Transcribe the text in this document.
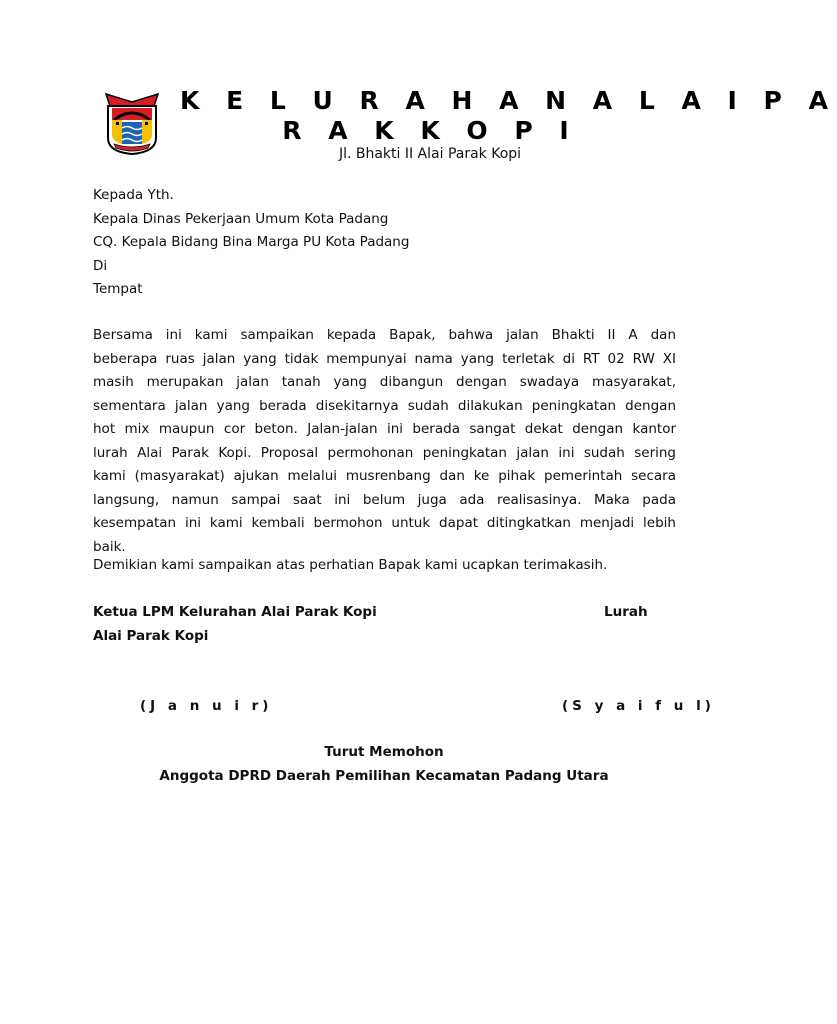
K E L U R A H A N A L A I P A
R A K K O P I
Jl. Bhakti II Alai Parak Kopi
Kepada Yth.
Kepala Dinas Pekerjaan Umum Kota Padang
CQ. Kepala Bidang Bina Marga PU Kota Padang
Di
Tempat
Bersama ini kami sampaikan kepada Bapak, bahwa jalan Bhakti II A dan
beberapa ruas jalan yang tidak mempunyai nama yang terletak di RT 02 RW XI
masih merupakan jalan tanah yang dibangun dengan swadaya masyarakat,
sementara jalan yang berada disekitarnya sudah dilakukan peningkatan dengan
hot mix maupun cor beton. Jalan-jalan ini berada sangat dekat dengan kantor
lurah Alai Parak Kopi. Proposal permohonan peningkatan jalan ini sudah sering
kami (masyarakat) ajukan melalui musrenbang dan ke pihak pemerintah secara
langsung, namun sampai saat ini belum juga ada realisasinya. Maka pada
kesempatan ini kami kembali bermohon untuk dapat ditingkatkan menjadi lebih
baik.
Demikian kami sampaikan atas perhatian Bapak kami ucapkan terimakasih.
Ketua LPM Kelurahan Alai Parak Kopi
Alai Parak Kopi
Lurah
(J a n u i r)	(S y a i f u l)
Turut Memohon
Anggota DPRD Daerah Pemilihan Kecamatan Padang Utara
